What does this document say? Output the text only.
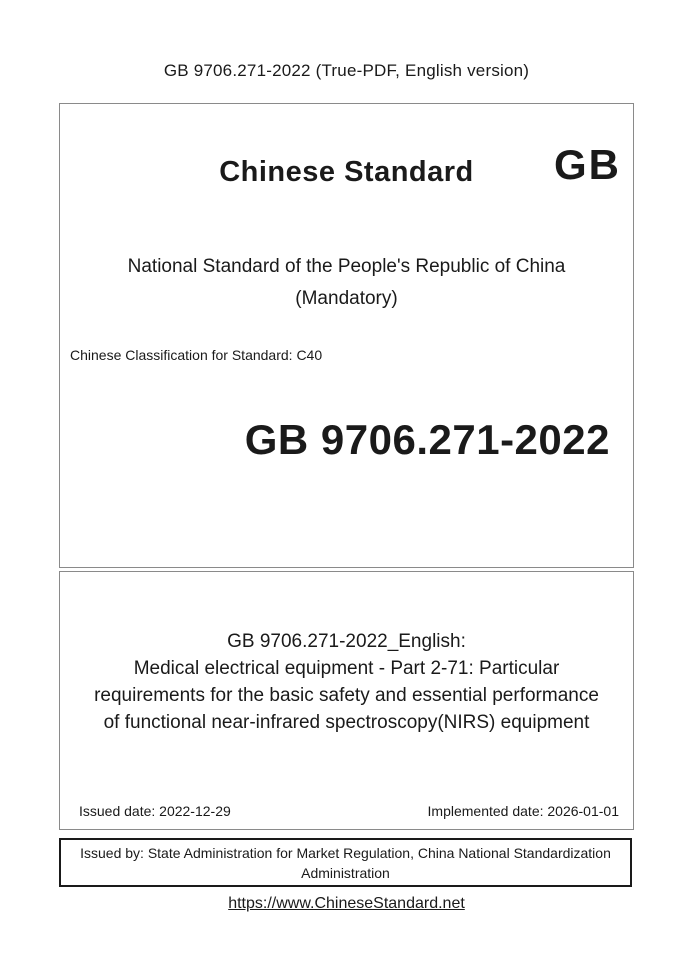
GB 9706.271-2022 (True-PDF, English version)
Chinese Standard	GB
National Standard of the People's Republic of China
(Mandatory)
Chinese Classification for Standard: C40
GB 9706.271-2022
GB 9706.271-2022_English:
Medical electrical equipment - Part 2-71: Particular
requirements for the basic safety and essential performance
of functional near-infrared spectroscopy(NIRS) equipment
Issued date: 2022-12-29	Implemented date: 2026-01-01
Issued by: State Administration for Market Regulation, China National Standardization
Administration
https://www.ChineseStandard.net
